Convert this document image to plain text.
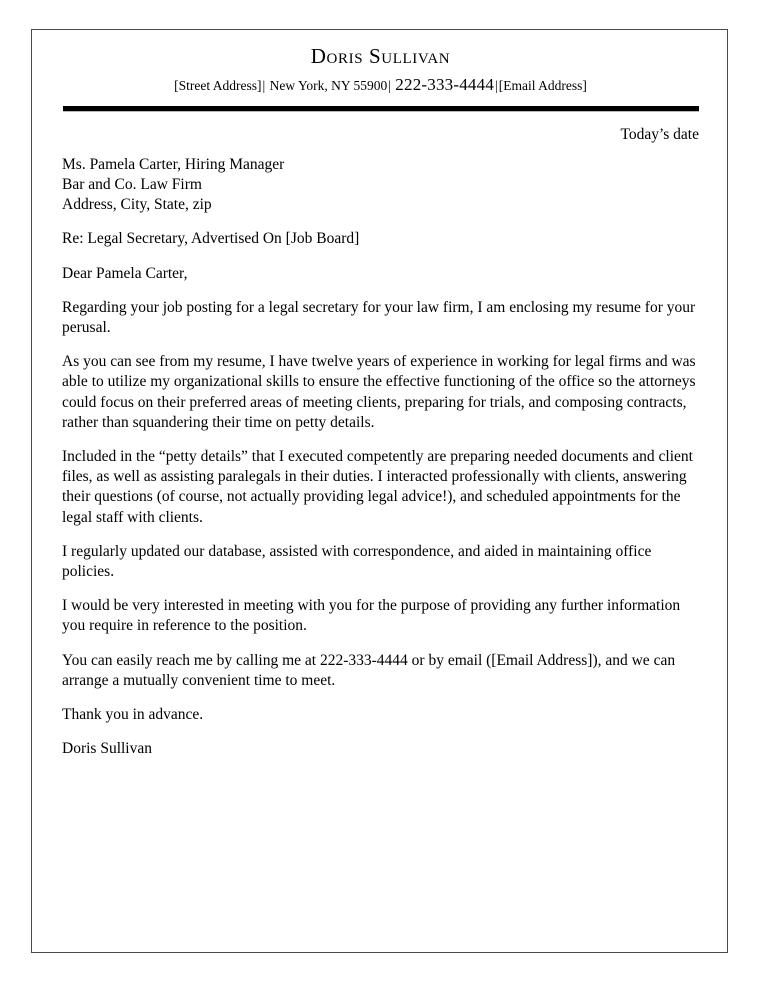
Doris Sullivan
[Street Address]| New York, NY 55900| 222-333-4444|[Email Address]
Today’s date
Ms. Pamela Carter, Hiring Manager
Bar and Co. Law Firm
Address, City, State, zip
Re: Legal Secretary, Advertised On [Job Board]
Dear Pamela Carter,
Regarding your job posting for a legal secretary for your law firm, I am enclosing my resume for your perusal.
As you can see from my resume, I have twelve years of experience in working for legal firms and was able to utilize my organizational skills to ensure the effective functioning of the office so the attorneys could focus on their preferred areas of meeting clients, preparing for trials, and composing contracts, rather than squandering their time on petty details.
Included in the “petty details” that I executed competently are preparing needed documents and client files, as well as assisting paralegals in their duties. I interacted professionally with clients, answering their questions (of course, not actually providing legal advice!), and scheduled appointments for the legal staff with clients.
I regularly updated our database, assisted with correspondence, and aided in maintaining office policies.
I would be very interested in meeting with you for the purpose of providing any further information you require in reference to the position.
You can easily reach me by calling me at 222-333-4444 or by email ([Email Address]), and we can arrange a mutually convenient time to meet.
Thank you in advance.
Doris Sullivan
